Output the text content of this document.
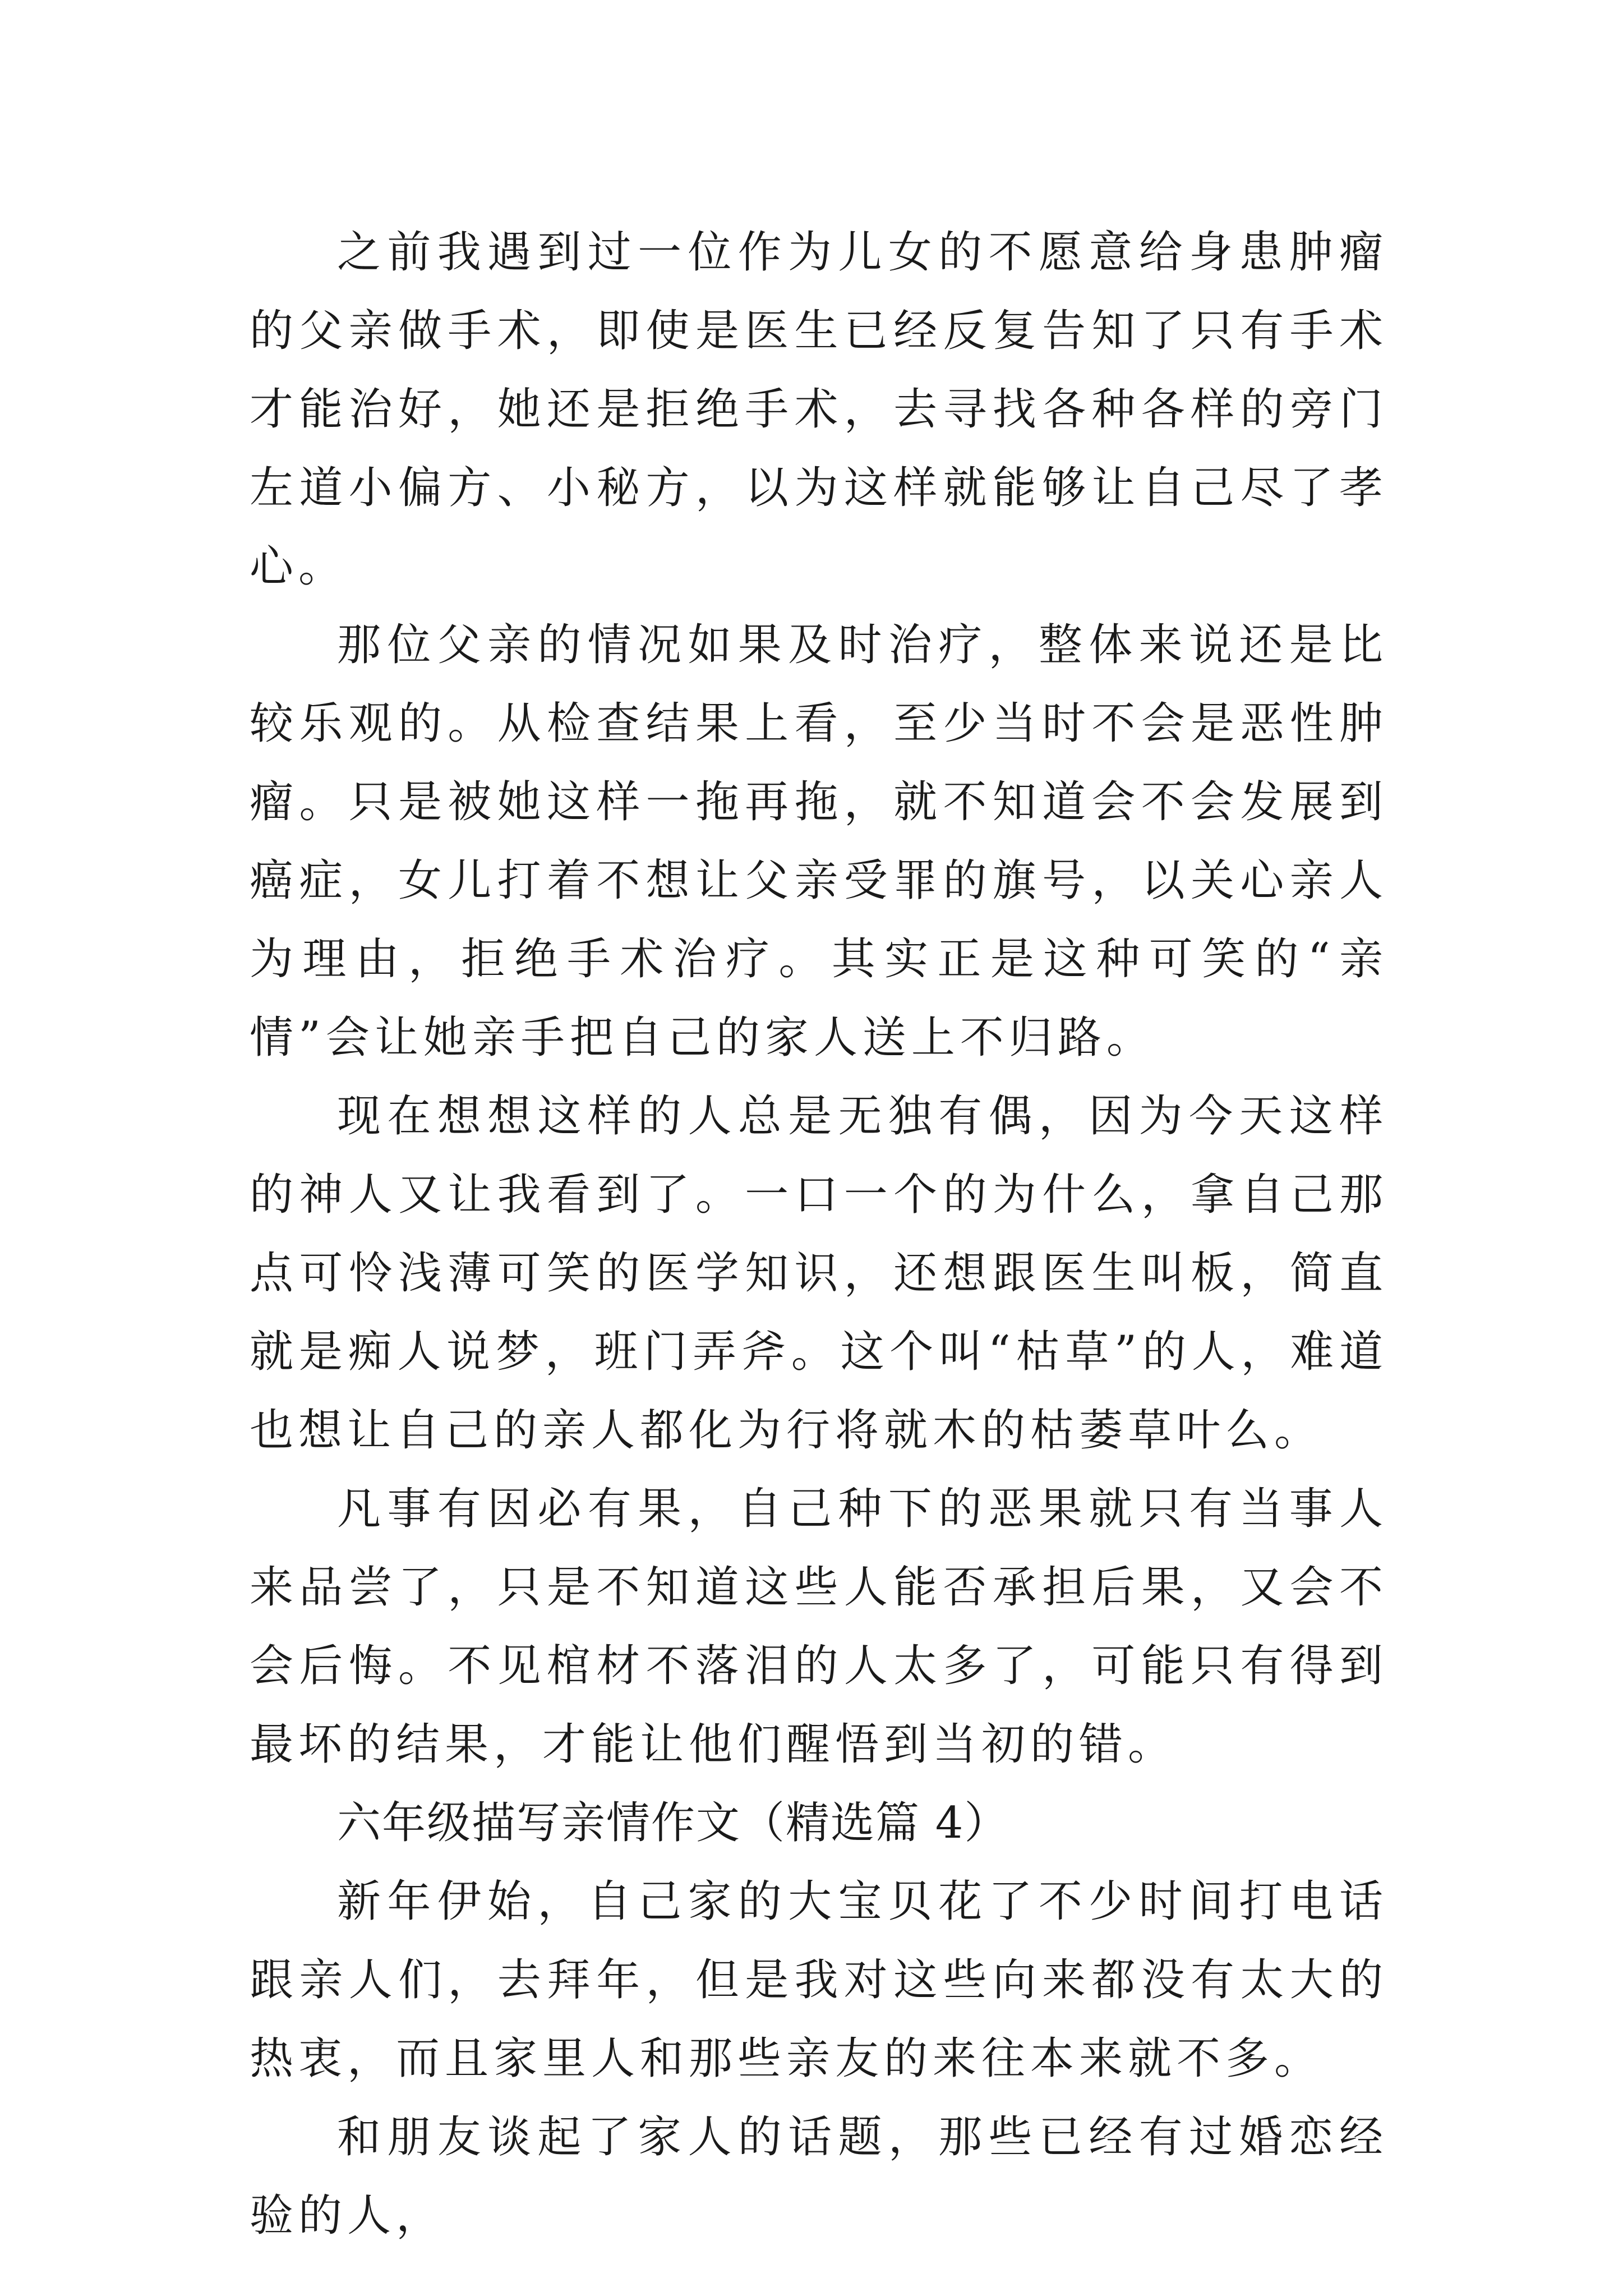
之前我遇到过一位作为儿女的不愿意给身患肿瘤的父亲做手术，即使是医生已经反复告知了只有手术才能治好，她还是拒绝手术，去寻找各种各样的旁门左道小偏方、小秘方，以为这样就能够让自己尽了孝心。

那位父亲的情况如果及时治疗，整体来说还是比较乐观的。从检查结果上看，至少当时不会是恶性肿瘤。只是被她这样一拖再拖，就不知道会不会发展到癌症，女儿打着不想让父亲受罪的旗号，以关心亲人为理由，拒绝手术治疗。其实正是这种可笑的“亲情”会让她亲手把自己的家人送上不归路。

现在想想这样的人总是无独有偶，因为今天这样的神人又让我看到了。一口一个的为什么，拿自己那点可怜浅薄可笑的医学知识，还想跟医生叫板，简直就是痴人说梦，班门弄斧。这个叫“枯草”的人，难道也想让自己的亲人都化为行将就木的枯萎草叶么。

凡事有因必有果，自己种下的恶果就只有当事人来品尝了，只是不知道这些人能否承担后果，又会不会后悔。不见棺材不落泪的人太多了，可能只有得到最坏的结果，才能让他们醒悟到当初的错。

六年级描写亲情作文（精选篇 4）

新年伊始，自己家的大宝贝花了不少时间打电话跟亲人们，去拜年，但是我对这些向来都没有太大的热衷，而且家里人和那些亲友的来往本来就不多。

和朋友谈起了家人的话题，那些已经有过婚恋经验的人，
